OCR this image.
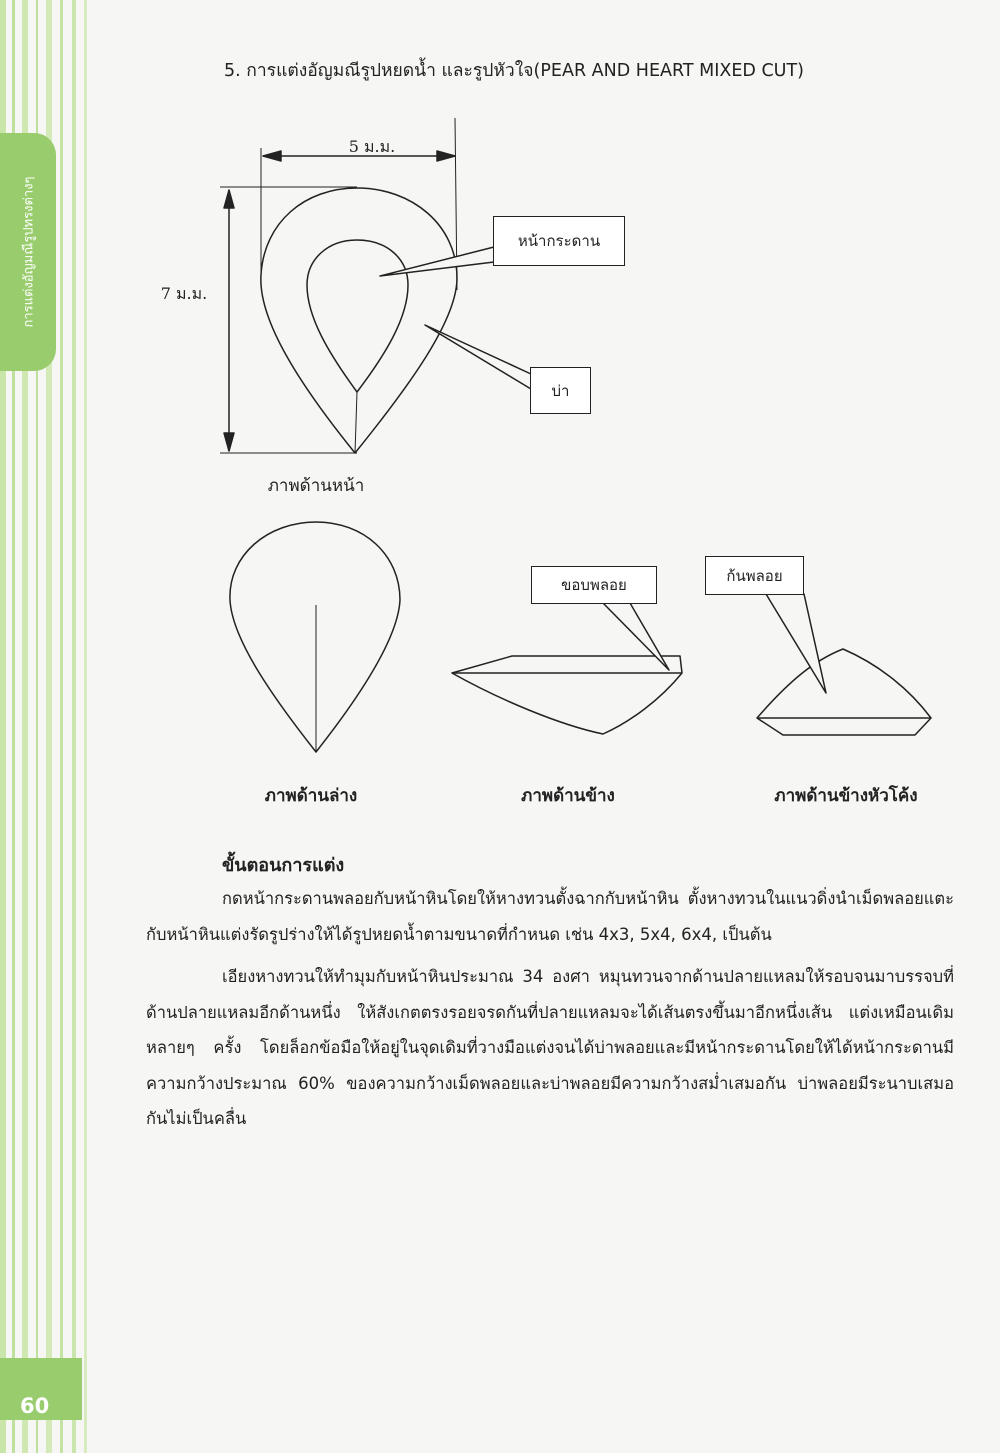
การแต่งอัญมณีรูปทรงต่างๆ
60
5. การแต่งอัญมณีรูปหยดน้ำ และรูปหัวใจ(PEAR AND HEART MIXED CUT)
5 ม.ม.
7 ม.ม.
หน้ากระดาน
บ่า
ขอบพลอย
ก้นพลอย
ภาพด้านหน้า
ภาพด้านล่าง	ภาพด้านข้าง	ภาพด้านข้างหัวโค้ง
ขั้นตอนการแต่ง

กดหน้ากระดานพลอยกับหน้าหินโดยให้หางทวนตั้งฉากกับหน้าหิน ตั้งหางทวนในแนวดิ่งนำเม็ดพลอยแตะกับหน้าหินแต่งรัดรูปร่างให้ได้รูปหยดน้ำตามขนาดที่กำหนด เช่น 4x3, 5x4, 6x4, เป็นต้น

เอียงหางทวนให้ทำมุมกับหน้าหินประมาณ 34 องศา หมุนทวนจากด้านปลายแหลมให้รอบจนมาบรรจบที่ด้านปลายแหลมอีกด้านหนึ่ง ให้สังเกตตรงรอยจรดกันที่ปลายแหลมจะได้เส้นตรงขึ้นมาอีกหนึ่งเส้น แต่งเหมือนเดิมหลายๆ ครั้ง โดยล็อกข้อมือให้อยู่ในจุดเดิมที่วางมือแต่งจนได้บ่าพลอยและมีหน้ากระดานโดยให้ได้หน้ากระดานมีความกว้างประมาณ 60% ของความกว้างเม็ดพลอยและบ่าพลอยมีความกว้างสม่ำเสมอกัน บ่าพลอยมีระนาบเสมอกันไม่เป็นคลื่น
